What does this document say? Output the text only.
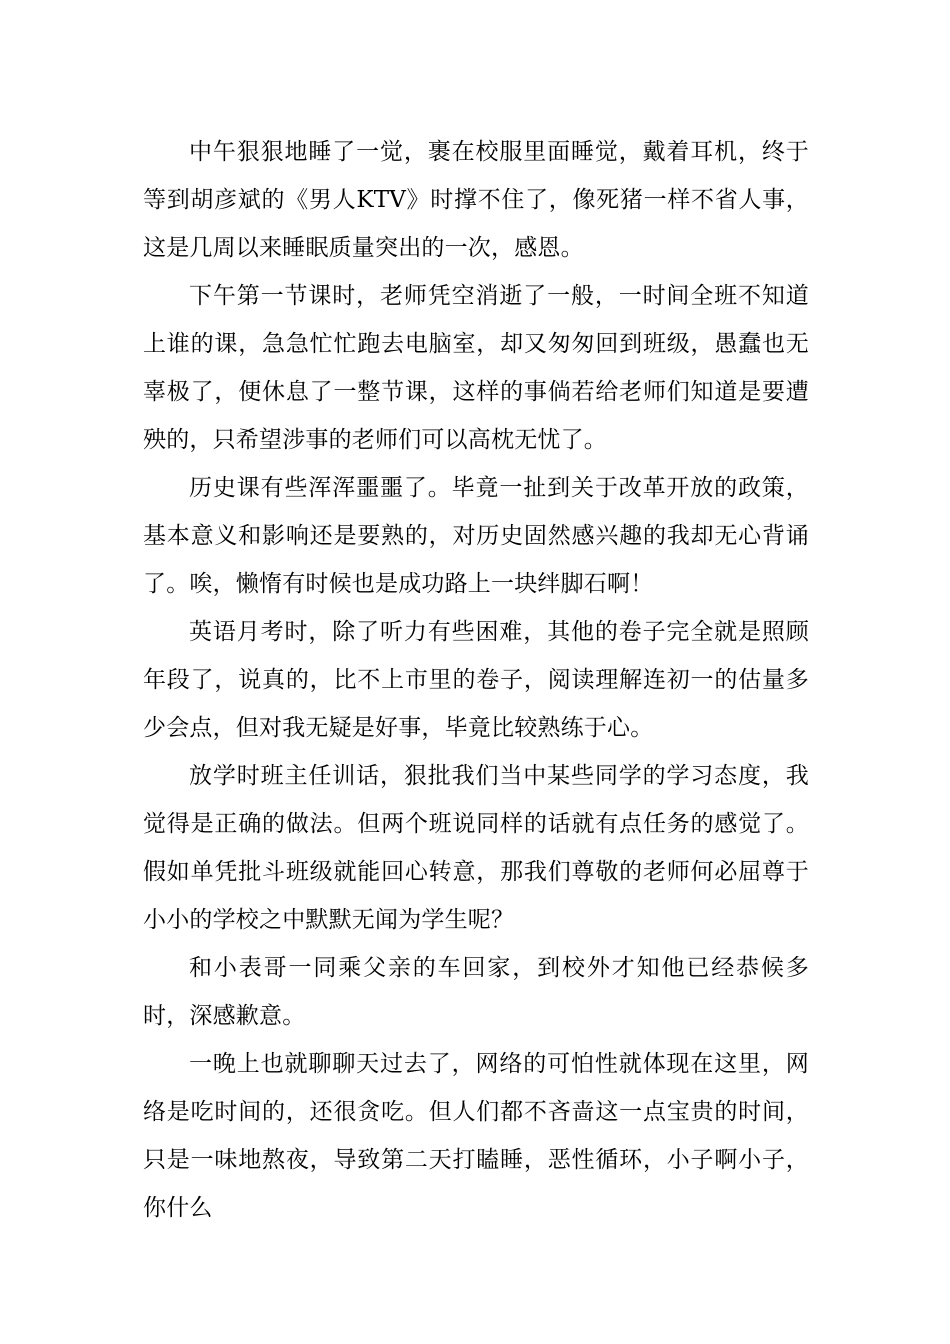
中午狠狠地睡了一觉，裹在校服里面睡觉，戴着耳机，终于等到胡彦斌的《男人KTV》时撑不住了，像死猪一样不省人事，这是几周以来睡眠质量突出的一次，感恩。

下午第一节课时，老师凭空消逝了一般，一时间全班不知道上谁的课，急急忙忙跑去电脑室，却又匆匆回到班级，愚蠢也无辜极了，便休息了一整节课，这样的事倘若给老师们知道是要遭殃的，只希望涉事的老师们可以高枕无忧了。

历史课有些浑浑噩噩了。毕竟一扯到关于改革开放的政策，基本意义和影响还是要熟的，对历史固然感兴趣的我却无心背诵了。唉，懒惰有时候也是成功路上一块绊脚石啊！

英语月考时，除了听力有些困难，其他的卷子完全就是照顾年段了，说真的，比不上市里的卷子，阅读理解连初一的估量多少会点，但对我无疑是好事，毕竟比较熟练于心。

放学时班主任训话，狠批我们当中某些同学的学习态度，我觉得是正确的做法。但两个班说同样的话就有点任务的感觉了。假如单凭批斗班级就能回心转意，那我们尊敬的老师何必屈尊于小小的学校之中默默无闻为学生呢？

和小表哥一同乘父亲的车回家，到校外才知他已经恭候多时，深感歉意。

一晚上也就聊聊天过去了，网络的可怕性就体现在这里，网络是吃时间的，还很贪吃。但人们都不吝啬这一点宝贵的时间，只是一味地熬夜，导致第二天打瞌睡，恶性循环，小子啊小子，你什么
